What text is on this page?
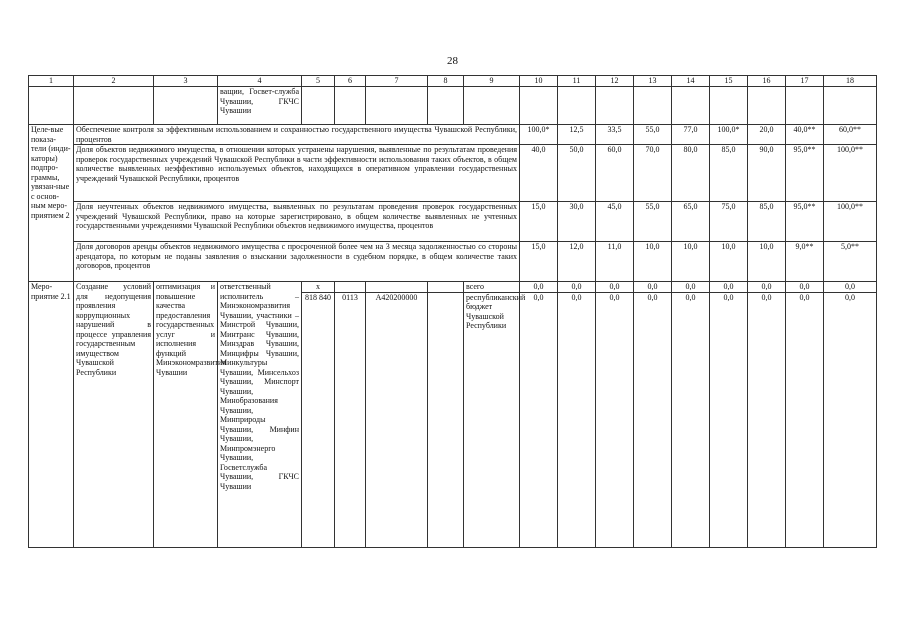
28
1	2	3	4	5	6	7	8	9	10	11	12	13	14	15	16	17	18
			ващии, Госвет-служба Чувашии, ГКЧС Чувашии														
Целе-вые показа-тели (инди-каторы) подпро-граммы, увязан-ные с основ-ным меро-приятием 2	Обеспечение контроля за эффективным использованием и сохранностью государственного имущества Чувашской Республики, процентов								100,0*	12,5	33,5	55,0	77,0	100,0*	20,0	40,0**	60,0**
	Доля объектов недвижимого имущества, в отношении которых устранены нарушения, выявленные по результатам проведения проверок государственных учреждений Чувашской Республики в части эффективности использования таких объектов, в общем количестве выявленных неэффективно используемых объектов, находящихся в оперативном управлении государственных учреждений Чувашской Республики, процентов								40,0	50,0	60,0	70,0	80,0	85,0	90,0	95,0**	100,0**
	Доля неучтенных объектов недвижимого имущества, выявленных по результатам проведения проверок государственных учреждений Чувашской Республики, право на которые зарегистрировано, в общем количестве выявленных не учтенных государственными учреждениями Чувашской Республики объектов недвижимого имущества, процентов								15,0	30,0	45,0	55,0	65,0	75,0	85,0	95,0**	100,0**
	Доля договоров аренды объектов недвижимого имущества с просроченной более чем на 3 месяца задолженностью со стороны арендатора, по которым не поданы заявления о взыскании задолженности в судебном порядке, в общем количестве таких договоров, процентов								15,0	12,0	11,0	10,0	10,0	10,0	10,0	9,0**	5,0**
Меро-приятие 2.1	Создание условий для недопущения проявления коррупционных нарушений в процессе управления государственным имуществом Чувашской Республики	оптимизация и повышение качества предоставления государственных услуг и исполнения функций Минэкономразвития Чувашии	ответственный исполнитель – Минэкономразвития Чувашии, участники – Минстрой Чувашии, Минтранс Чувашии, Минздрав Чувашии, Минцифры Чувашии, Минкультуры Чувашии, Минсельхоз Чувашии, Минспорт Чувашии, Минобразования Чувашии, Минприроды Чувашии, Минфин Чувашии, Минпромэнерго Чувашии, Госветслужба Чувашии, ГКЧС Чувашии	x				всего	0,0	0,0	0,0	0,0	0,0	0,0	0,0	0,0	0,0
				818 840	0113	А420200000		республиканский бюджет Чувашской Республики	0,0	0,0	0,0	0,0	0,0	0,0	0,0	0,0	0,0
